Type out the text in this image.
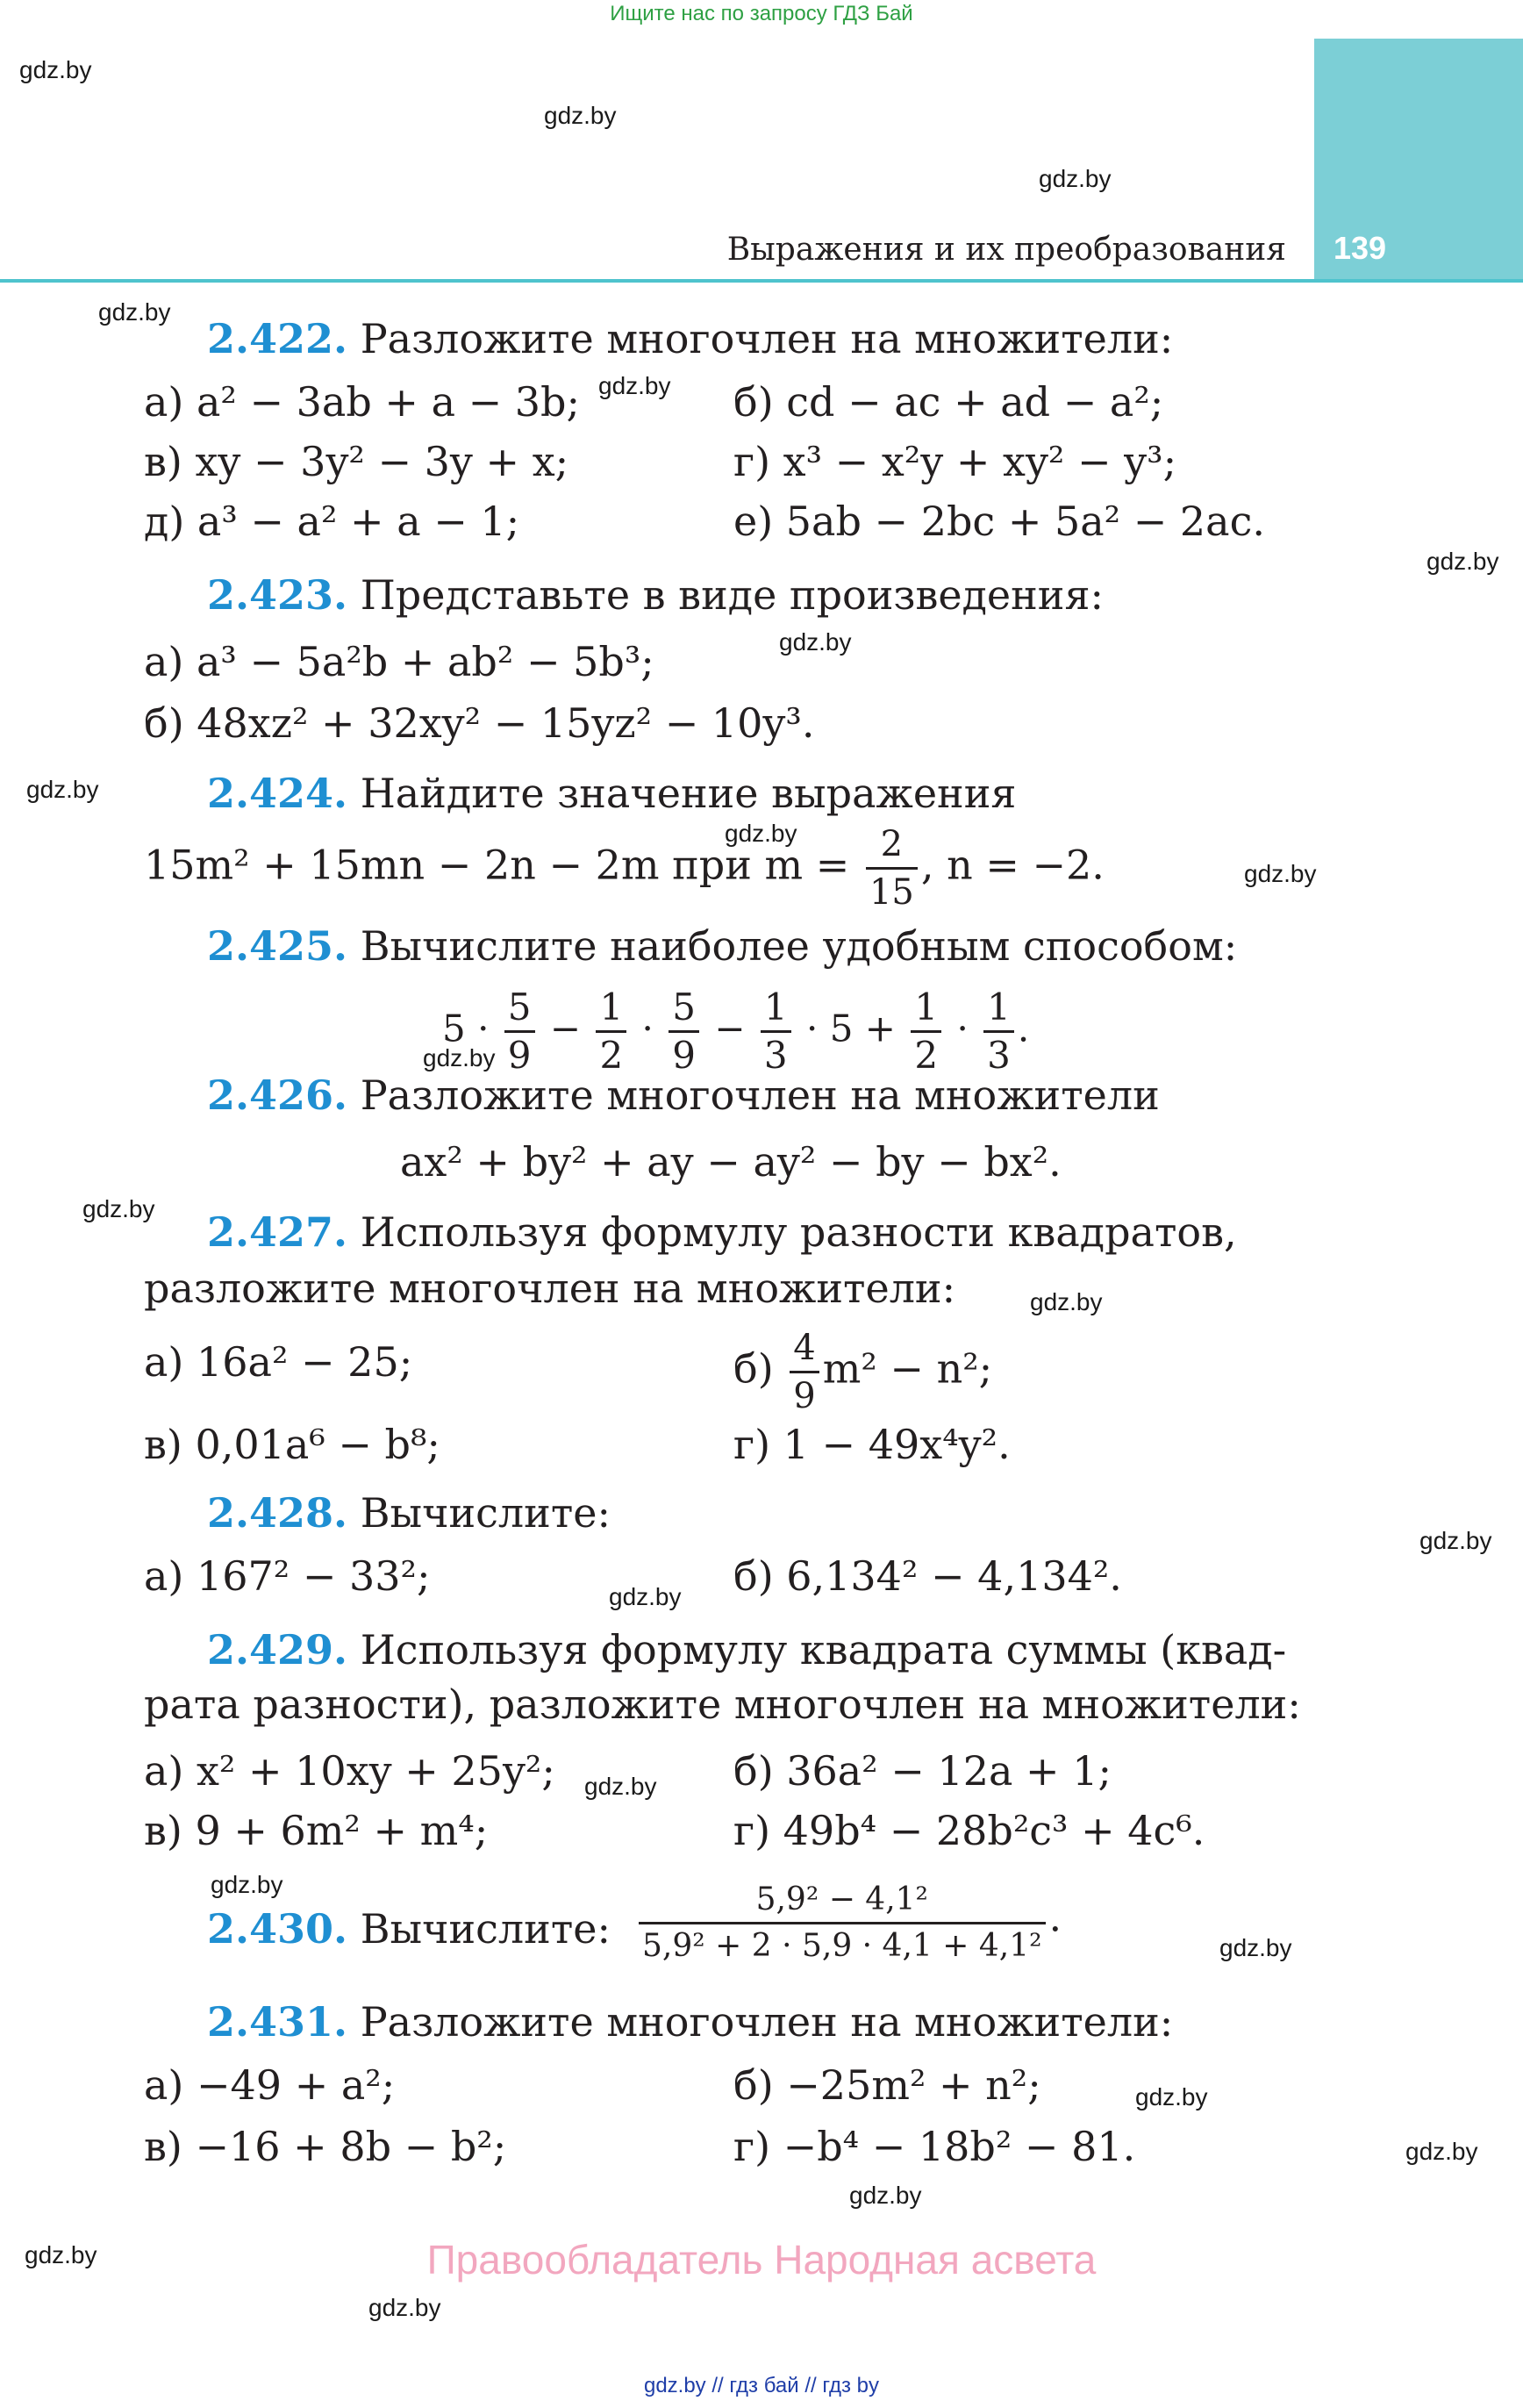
Ищите нас по запросу ГДЗ Бай
gdz.by
gdz.by
gdz.by
gdz.by
gdz.by
gdz.by
gdz.by
gdz.by
gdz.by
gdz.by
gdz.by
gdz.by
gdz.by
gdz.by
gdz.by
gdz.by
gdz.by
gdz.by
gdz.by
gdz.by
gdz.by
gdz.by
gdz.by
139
Выражения и их преобразования
2.422. Разложите многочлен на множители:
а) a² − 3ab + a − 3b;	б) cd − ac + ad − a²;
в) xy − 3y² − 3y + x;	г) x³ − x²y + xy² − y³;
д) a³ − a² + a − 1;	е) 5ab − 2bc + 5a² − 2ac.
2.423. Представьте в виде произведения:
а) a³ − 5a²b + ab² − 5b³;
б) 48xz² + 32xy² − 15yz² − 10y³.
2.424. Найдите значение выражения
15m² + 15mn − 2n − 2m при $m = \frac{2}{15}$ , n = −2.
2.425. Вычислите наиболее удобным способом:
$5 \cdot \frac{5}{9} - \frac{1}{2} \cdot \frac{5}{9} - \frac{1}{3} \cdot 5 + \frac{1}{2} \cdot \frac{1}{3}$ .
2.426. Разложите многочлен на множители
ax² + by² + ay − ay² − by − bx².
2.427. Используя формулу разности квадратов,
разложите многочлен на множители:
а) 16a² − 25;	$б) \frac{4}{9} m^2 - n^2$;
в) 0,01a⁶ − b⁸;	г) 1 − 49x⁴y².
2.428. Вычислите:
а) 167² − 33²;	б) 6,134² − 4,134².
2.429. Используя формулу квадрата суммы (квад-
рата разности), разложите многочлен на множители:
а) x² + 10xy + 25y²;	б) 36a² − 12a + 1;
в) 9 + 6m² + m⁴;	г) 49b⁴ − 28b²c³ + 4c⁶.
2.430. Вычислите: $\frac{\text{5,9² − 4,1²}}{\text{5,9² + 2 · 5,9 · 4,1 + 4,1²}}$ .
2.431. Разложите многочлен на множители:
а) −49 + a²;	б) −25m² + n²;
в) −16 + 8b − b²;	г) −b⁴ − 18b² − 81.
Правообладатель Народная асвета
gdz.by // гдз бай // гдз by
